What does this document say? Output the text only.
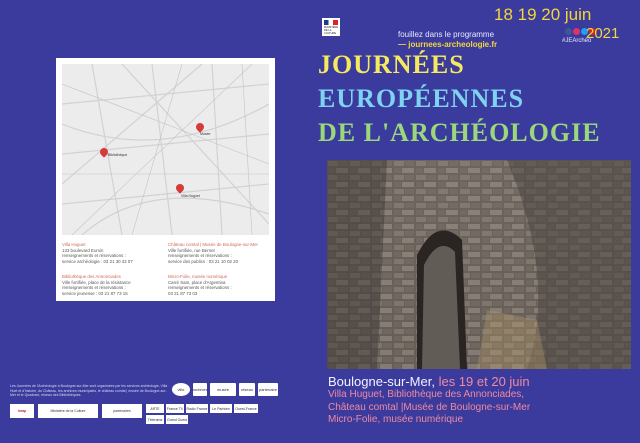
Bibliothèque
Musée
Villa Huguet
Villa Huguet
133 boulevard Eurvin
renseignements et réservations :
service archéologie : 03 21 30 42 07
Bibliothèque des Annonciades
Ville fortifiée, place de la résistance
renseignements et réservations :
service jeunesse : 03 21 87 73 15
Château comtal | Musée de Boulogne-sur-Mer
Ville fortifiée, rue Bernet
renseignements et réservations :
service des publics : 03 21 10 02 20
Micro-Folie, musée numérique
Carré Sam, place d'Argentina
renseignements et réservations :
03 21 87 73 03
Les Journées de l'Archéologie à Boulogne-sur-Mer sont organisées par les services archéologie, Villa Huet et d'histoire, du Château, les archives municipales, le château comtal | musée de Boulogne-sur-Mer et le Quadrant, réseau des Bibliothèques.
ville	archives	musée	réseau	partenaire
Inrap	Ministère de la Culture	partenaires
ARTE	France TV Radio France	Le Parisien	Ouest-France
Télérama	Grand Ouest
MINISTÈRE DE LA CULTURE
18 19 20 juin
fouillez dans le programme
— journees-archeologie.fr	#JEArchéo
2021
JOURNÉES
EUROPÉENNES
DE L'ARCHÉOLOGIE
Boulogne-sur-Mer, les 19 et 20 juin
Villa Huguet, Bibliothèque des Annonciades,
Château comtal |Musée de Boulogne-sur-Mer
Micro-Folie, musée numérique
